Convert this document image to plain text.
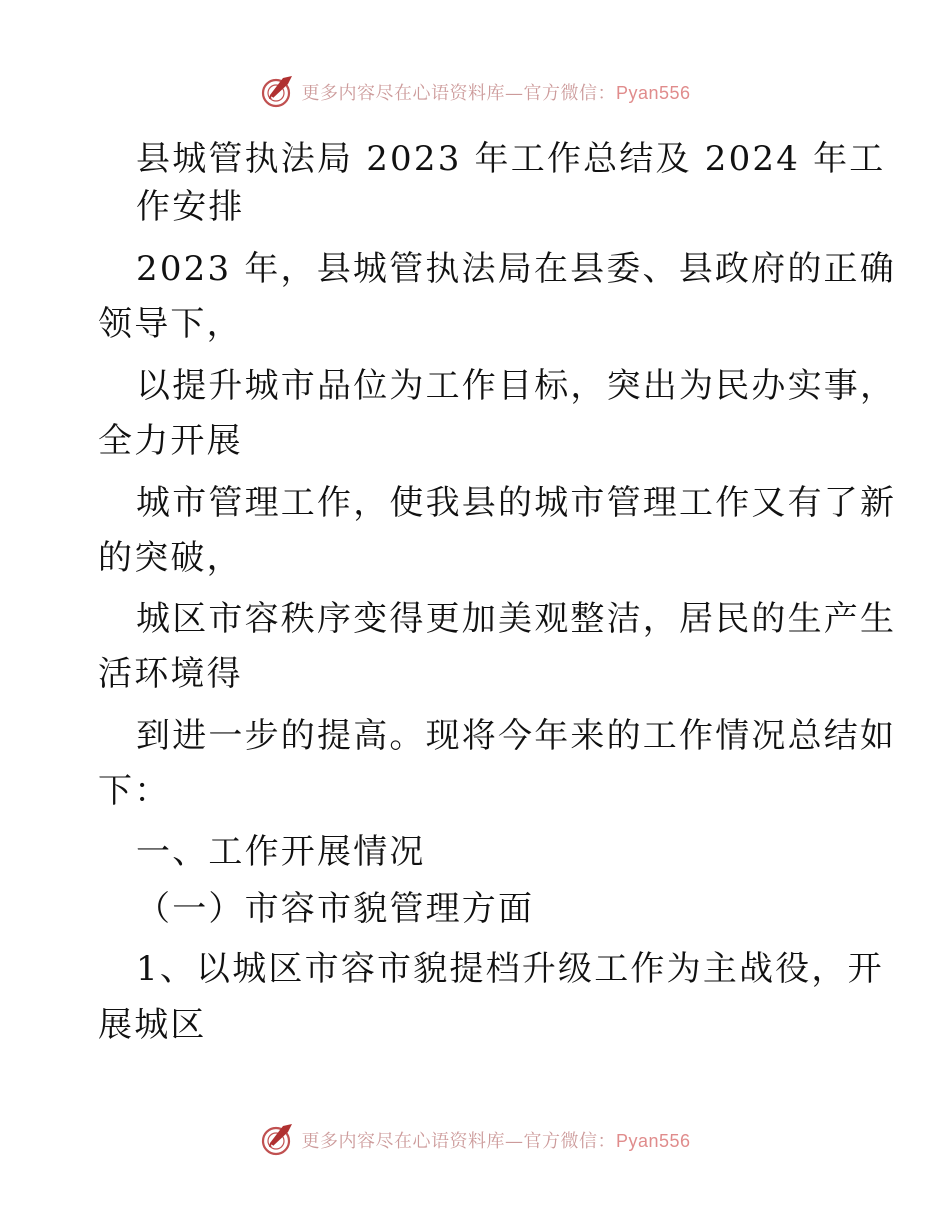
更多内容尽在心语资料库—官方微信：Pyan556
县城管执法局 2023 年工作总结及 2024 年工
作安排
2023 年，县城管执法局在县委、县政府的正确
领导下，
以提升城市品位为工作目标，突出为民办实事，
全力开展
城市管理工作，使我县的城市管理工作又有了新
的突破，
城区市容秩序变得更加美观整洁，居民的生产生
活环境得
到进一步的提高。现将今年来的工作情况总结如
下：
一、工作开展情况
（一）市容市貌管理方面
1、以城区市容市貌提档升级工作为主战役，开
展城区
更多内容尽在心语资料库—官方微信：Pyan556
